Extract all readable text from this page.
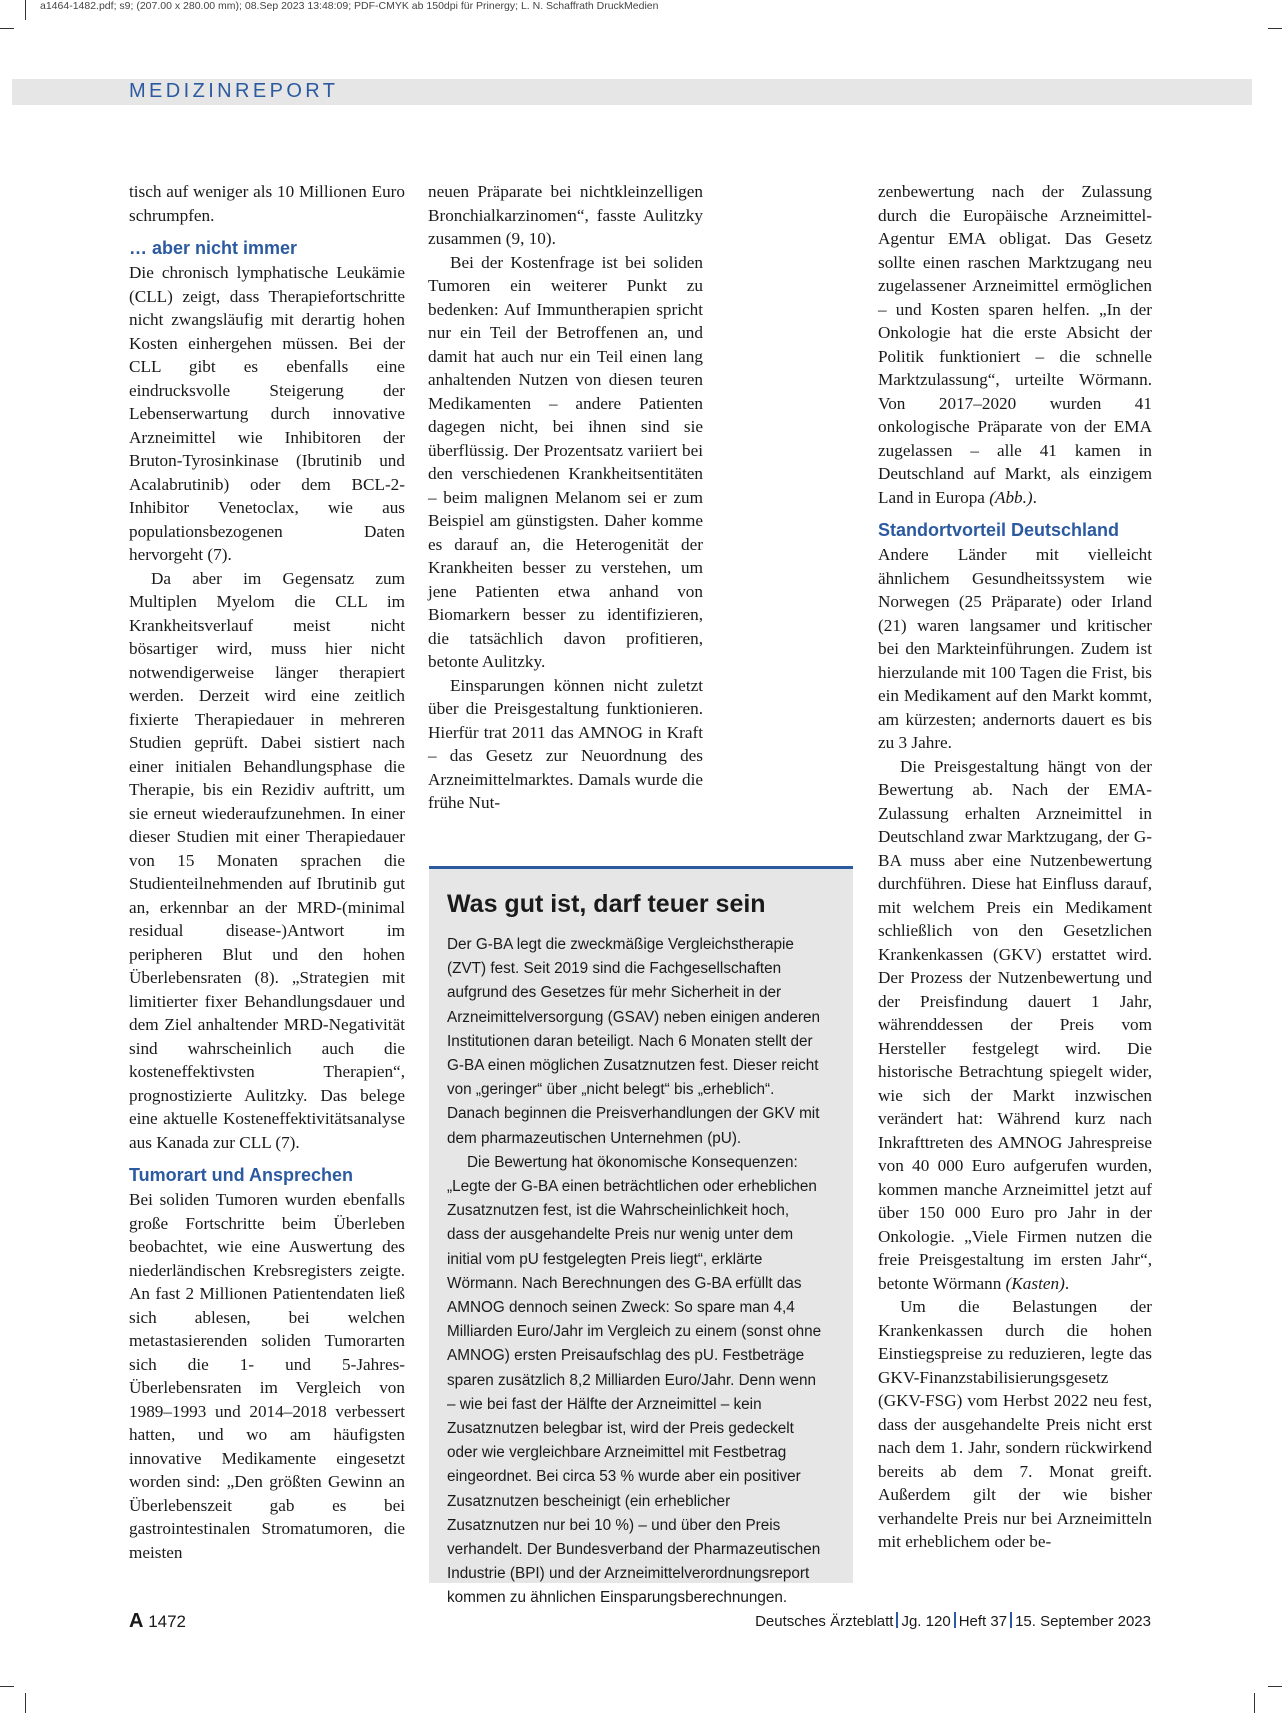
a1464-1482.pdf; s9; (207.00 x 280.00 mm); 08.Sep 2023 13:48:09; PDF-CMYK ab 150dpi für Prinergy; L. N. Schaffrath DruckMedien
MEDIZINREPORT

tisch auf weniger als 10 Millionen Euro schrumpfen.

… aber nicht immer

Die chronisch lymphatische Leukämie (CLL) zeigt, dass Therapiefortschritte nicht zwangsläufig mit derartig hohen Kosten einhergehen müssen. Bei der CLL gibt es ebenfalls eine eindrucksvolle Steigerung der Lebenserwartung durch innovative Arzneimittel wie Inhibitoren der Bruton-Tyrosinkinase (Ibrutinib und Acalabrutinib) oder dem BCL-2-Inhibitor Venetoclax, wie aus populationsbezogenen Daten hervorgeht (7).

Da aber im Gegensatz zum Multiplen Myelom die CLL im Krankheitsverlauf meist nicht bösartiger wird, muss hier nicht notwendigerweise länger therapiert werden. Derzeit wird eine zeitlich fixierte Therapiedauer in mehreren Studien geprüft. Dabei sistiert nach einer initialen Behandlungsphase die Therapie, bis ein Rezidiv auftritt, um sie erneut wiederaufzunehmen. In einer dieser Studien mit einer Therapiedauer von 15 Monaten sprachen die Studienteilnehmenden auf Ibrutinib gut an, erkennbar an der MRD-(minimal residual disease-)Antwort im peripheren Blut und den hohen Überlebensraten (8). „Strategien mit limitierter fixer Behandlungsdauer und dem Ziel anhaltender MRD-Negativität sind wahrscheinlich auch die kosteneffektivsten Therapien“, prognostizierte Aulitzky. Das belege eine aktuelle Kosteneffektivitätsanalyse aus Kanada zur CLL (7).

Tumorart und Ansprechen

Bei soliden Tumoren wurden ebenfalls große Fortschritte beim Überleben beobachtet, wie eine Auswertung des niederländischen Krebsregisters zeigte. An fast 2 Millionen Patientendaten ließ sich ablesen, bei welchen metastasierenden soliden Tumorarten sich die 1- und 5-Jahres-Überlebensraten im Vergleich von 1989–1993 und 2014–2018 verbessert hatten, und wo am häufigsten innovative Medikamente eingesetzt worden sind: „Den größten Gewinn an Überlebenszeit gab es bei gastrointestinalen Stromatumoren, die meisten

neuen Präparate bei nichtkleinzelligen Bronchialkarzinomen“, fasste Aulitzky zusammen (9, 10).

Bei der Kostenfrage ist bei soliden Tumoren ein weiterer Punkt zu bedenken: Auf Immuntherapien spricht nur ein Teil der Betroffenen an, und damit hat auch nur ein Teil einen lang anhaltenden Nutzen von diesen teuren Medikamenten – andere Patienten dagegen nicht, bei ihnen sind sie überflüssig. Der Prozentsatz variiert bei den verschiedenen Krankheitsentitäten – beim malignen Melanom sei er zum Beispiel am günstigsten. Daher komme es darauf an, die Heterogenität der Krankheiten besser zu verstehen, um jene Patienten etwa anhand von Biomarkern besser zu identifizieren, die tatsächlich davon profitieren, betonte Aulitzky.

Einsparungen können nicht zuletzt über die Preisgestaltung funktionieren. Hierfür trat 2011 das AMNOG in Kraft – das Gesetz zur Neuordnung des Arzneimittelmarktes. Damals wurde die frühe Nut-

Was gut ist, darf teuer sein

Der G-BA legt die zweckmäßige Vergleichstherapie (ZVT) fest. Seit 2019 sind die Fachgesellschaften aufgrund des Gesetzes für mehr Sicherheit in der Arzneimittelversorgung (GSAV) neben einigen anderen Institutionen daran beteiligt. Nach 6 Monaten stellt der G-BA einen möglichen Zusatznutzen fest. Dieser reicht von „geringer“ über „nicht belegt“ bis „erheblich“. Danach beginnen die Preisverhandlungen der GKV mit dem pharmazeutischen Unternehmen (pU).

Die Bewertung hat ökonomische Konsequenzen: „Legte der G-BA einen beträchtlichen oder erheblichen Zusatznutzen fest, ist die Wahrscheinlichkeit hoch, dass der ausgehandelte Preis nur wenig unter dem initial vom pU festgelegten Preis liegt“, erklärte Wörmann. Nach Berechnungen des G-BA erfüllt das AMNOG dennoch seinen Zweck: So spare man 4,4 Milliarden Euro/Jahr im Vergleich zu einem (sonst ohne AMNOG) ersten Preisaufschlag des pU. Festbeträge sparen zusätzlich 8,2 Milliarden Euro/Jahr. Denn wenn – wie bei fast der Hälfte der Arzneimittel – kein Zusatznutzen belegbar ist, wird der Preis gedeckelt oder wie vergleichbare Arzneimittel mit Festbetrag eingeordnet. Bei circa 53 % wurde aber ein positiver Zusatznutzen bescheinigt (ein erheblicher Zusatznutzen nur bei 10 %) – und über den Preis verhandelt. Der Bundesverband der Pharmazeutischen Industrie (BPI) und der Arzneimittelverordnungsreport kommen zu ähnlichen Einsparungsberechnungen.

zenbewertung nach der Zulassung durch die Europäische Arzneimittel-Agentur EMA obligat. Das Gesetz sollte einen raschen Marktzugang neu zugelassener Arzneimittel ermöglichen – und Kosten sparen helfen. „In der Onkologie hat die erste Absicht der Politik funktioniert – die schnelle Marktzulassung“, urteilte Wörmann. Von 2017–2020 wurden 41 onkologische Präparate von der EMA zugelassen – alle 41 kamen in Deutschland auf Markt, als einzigem Land in Europa (Abb.).

Standortvorteil Deutschland

Andere Länder mit vielleicht ähnlichem Gesundheitssystem wie Norwegen (25 Präparate) oder Irland (21) waren langsamer und kritischer bei den Markteinführungen. Zudem ist hierzulande mit 100 Tagen die Frist, bis ein Medikament auf den Markt kommt, am kürzesten; andernorts dauert es bis zu 3 Jahre.

Die Preisgestaltung hängt von der Bewertung ab. Nach der EMA-Zulassung erhalten Arzneimittel in Deutschland zwar Marktzugang, der G-BA muss aber eine Nutzenbewertung durchführen. Diese hat Einfluss darauf, mit welchem Preis ein Medikament schließlich von den Gesetzlichen Krankenkassen (GKV) erstattet wird. Der Prozess der Nutzenbewertung und der Preisfindung dauert 1 Jahr, währenddessen der Preis vom Hersteller festgelegt wird. Die historische Betrachtung spiegelt wider, wie sich der Markt inzwischen verändert hat: Während kurz nach Inkrafttreten des AMNOG Jahrespreise von 40 000 Euro aufgerufen wurden, kommen manche Arzneimittel jetzt auf über 150 000 Euro pro Jahr in der Onkologie. „Viele Firmen nutzen die freie Preisgestaltung im ersten Jahr“, betonte Wörmann (Kasten).

Um die Belastungen der Krankenkassen durch die hohen Einstiegspreise zu reduzieren, legte das GKV-Finanzstabilisierungsgesetz (GKV-FSG) vom Herbst 2022 neu fest, dass der ausgehandelte Preis nicht erst nach dem 1. Jahr, sondern rückwirkend bereits ab dem 7. Monat greift. Außerdem gilt der wie bisher verhandelte Preis nur bei Arzneimitteln mit erheblichem oder be-

A 1472	Deutsches Ärzteblatt Jg. 120 Heft 37 15. September 2023
